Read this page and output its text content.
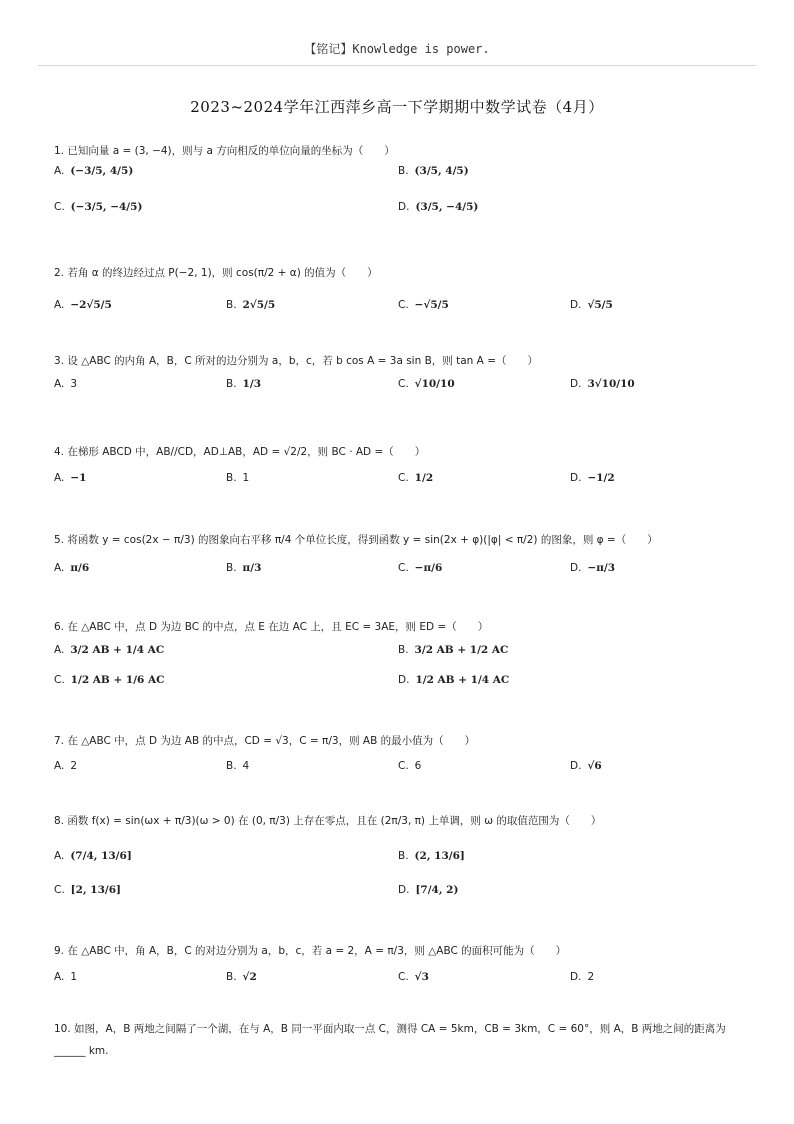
【铭记】Knowledge is power.
2023~2024学年江西萍乡高一下学期期中数学试卷（4月）
1. 已知向量 a = (3, −4)，则与 a 方向相反的单位向量的坐标为（　　）
A. (−3/5, 4/5)	B. (3/5, 4/5)
C. (−3/5, −4/5)	D. (3/5, −4/5)
2. 若角 α 的终边经过点 P(−2, 1)，则 cos(π/2 + α) 的值为（　　）
A. −2√5/5	B. 2√5/5	C. −√5/5	D. √5/5
3. 设 △ABC 的内角 A，B，C 所对的边分别为 a，b，c，若 b cos A = 3a sin B，则 tan A =（　　）
A. 3	B. 1/3	C. √10/10	D. 3√10/10
4. 在梯形 ABCD 中，AB//CD，AD⊥AB，AD = √2/2，则 BC · AD =（　　）
A. −1	B. 1	C. 1/2	D. −1/2
5. 将函数 y = cos(2x − π/3) 的图象向右平移 π/4 个单位长度，得到函数 y = sin(2x + φ)(|φ| < π/2) 的图象，则 φ =（　　）
A. π/6	B. π/3	C. −π/6	D. −π/3
6. 在 △ABC 中，点 D 为边 BC 的中点，点 E 在边 AC 上，且 EC = 3AE，则 ED =（　　）
A. 3/2 AB + 1/4 AC	B. 3/2 AB + 1/2 AC
C. 1/2 AB + 1/6 AC	D. 1/2 AB + 1/4 AC
7. 在 △ABC 中，点 D 为边 AB 的中点，CD = √3，C = π/3，则 AB 的最小值为（　　）
A. 2	B. 4	C. 6	D. √6
8. 函数 f(x) = sin(ωx + π/3)(ω > 0) 在 (0, π/3) 上存在零点，且在 (2π/3, π) 上单调，则 ω 的取值范围为（　　）
A. (7/4, 13/6]	B. (2, 13/6]
C. [2, 13/6]	D. [7/4, 2)
9. 在 △ABC 中，角 A，B，C 的对边分别为 a，b，c，若 a = 2，A = π/3，则 △ABC 的面积可能为（　　）
A. 1	B. √2	C. √3	D. 2
10. 如图，A，B 两地之间隔了一个湖，在与 A，B 同一平面内取一点 C，测得 CA = 5km，CB = 3km，C = 60°，则 A，B 两地之间的距离为 ______ km.
